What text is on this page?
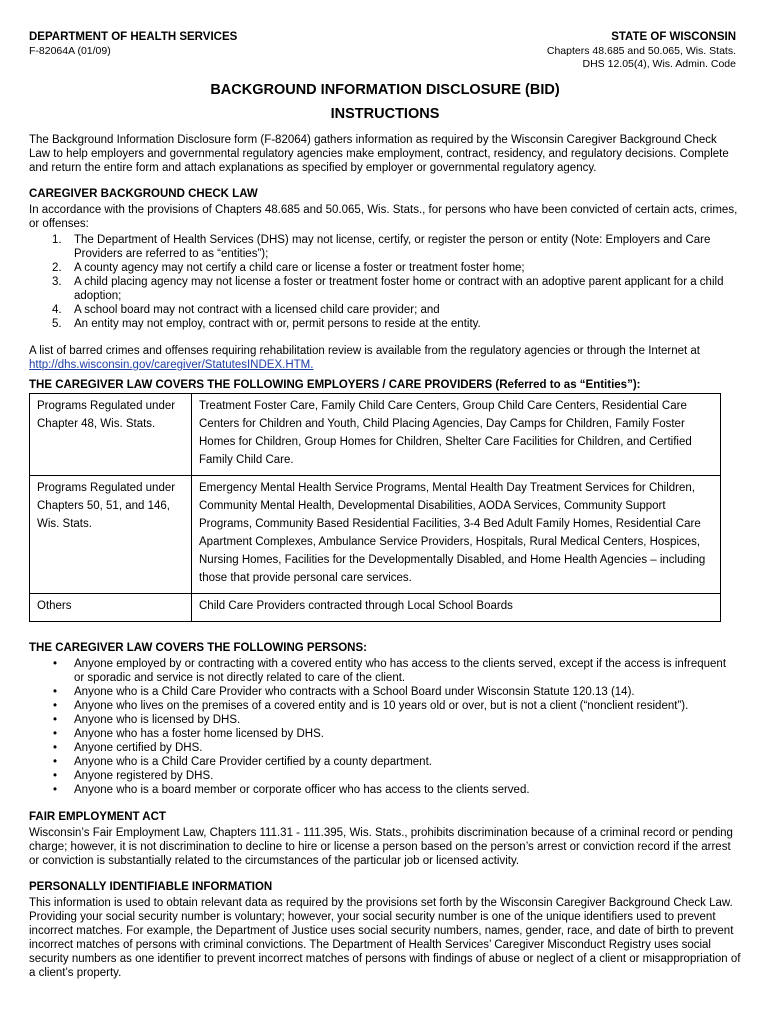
DEPARTMENT OF HEALTH SERVICES
F-82064A (01/09)
STATE OF WISCONSIN
Chapters 48.685 and 50.065, Wis. Stats.
DHS 12.05(4), Wis. Admin. Code
BACKGROUND INFORMATION DISCLOSURE (BID)
INSTRUCTIONS
The Background Information Disclosure form (F-82064) gathers information as required by the Wisconsin Caregiver Background Check Law to help employers and governmental regulatory agencies make employment, contract, residency, and regulatory decisions. Complete and return the entire form and attach explanations as specified by employer or governmental regulatory agency.
CAREGIVER BACKGROUND CHECK LAW
In accordance with the provisions of Chapters 48.685 and 50.065, Wis. Stats., for persons who have been convicted of certain acts, crimes, or offenses:
1. The Department of Health Services (DHS) may not license, certify, or register the person or entity (Note: Employers and Care Providers are referred to as “entities”);
2. A county agency may not certify a child care or license a foster or treatment foster home;
3. A child placing agency may not license a foster or treatment foster home or contract with an adoptive parent applicant for a child adoption;
4. A school board may not contract with a licensed child care provider; and
5. An entity may not employ, contract with or, permit persons to reside at the entity.
A list of barred crimes and offenses requiring rehabilitation review is available from the regulatory agencies or through the Internet at
http://dhs.wisconsin.gov/caregiver/StatutesINDEX.HTM.
THE CAREGIVER LAW COVERS THE FOLLOWING EMPLOYERS / CARE PROVIDERS (Referred to as “Entities”):
Programs Regulated under Chapter 48, Wis. Stats.	Treatment Foster Care, Family Child Care Centers, Group Child Care Centers, Residential Care Centers for Children and Youth, Child Placing Agencies, Day Camps for Children, Family Foster Homes for Children, Group Homes for Children, Shelter Care Facilities for Children, and Certified Family Child Care.
Programs Regulated under Chapters 50, 51, and 146, Wis. Stats.	Emergency Mental Health Service Programs, Mental Health Day Treatment Services for Children, Community Mental Health, Developmental Disabilities, AODA Services, Community Support Programs, Community Based Residential Facilities, 3-4 Bed Adult Family Homes, Residential Care Apartment Complexes, Ambulance Service Providers, Hospitals, Rural Medical Centers, Hospices, Nursing Homes, Facilities for the Developmentally Disabled, and Home Health Agencies – including those that provide personal care services.
Others	Child Care Providers contracted through Local School Boards
THE CAREGIVER LAW COVERS THE FOLLOWING PERSONS:
• Anyone employed by or contracting with a covered entity who has access to the clients served, except if the access is infrequent or sporadic and service is not directly related to care of the client.
• Anyone who is a Child Care Provider who contracts with a School Board under Wisconsin Statute 120.13 (14).
• Anyone who lives on the premises of a covered entity and is 10 years old or over, but is not a client (“nonclient resident”).
• Anyone who is licensed by DHS.
• Anyone who has a foster home licensed by DHS.
• Anyone certified by DHS.
• Anyone who is a Child Care Provider certified by a county department.
• Anyone registered by DHS.
• Anyone who is a board member or corporate officer who has access to the clients served.
FAIR EMPLOYMENT ACT
Wisconsin’s Fair Employment Law, Chapters 111.31 - 111.395, Wis. Stats., prohibits discrimination because of a criminal record or pending charge; however, it is not discrimination to decline to hire or license a person based on the person’s arrest or conviction record if the arrest or conviction is substantially related to the circumstances of the particular job or licensed activity.
PERSONALLY IDENTIFIABLE INFORMATION
This information is used to obtain relevant data as required by the provisions set forth by the Wisconsin Caregiver Background Check Law. Providing your social security number is voluntary; however, your social security number is one of the unique identifiers used to prevent incorrect matches. For example, the Department of Justice uses social security numbers, names, gender, race, and date of birth to prevent incorrect matches of persons with criminal convictions. The Department of Health Services’ Caregiver Misconduct Registry uses social security numbers as one identifier to prevent incorrect matches of persons with findings of abuse or neglect of a client or misappropriation of a client’s property.
